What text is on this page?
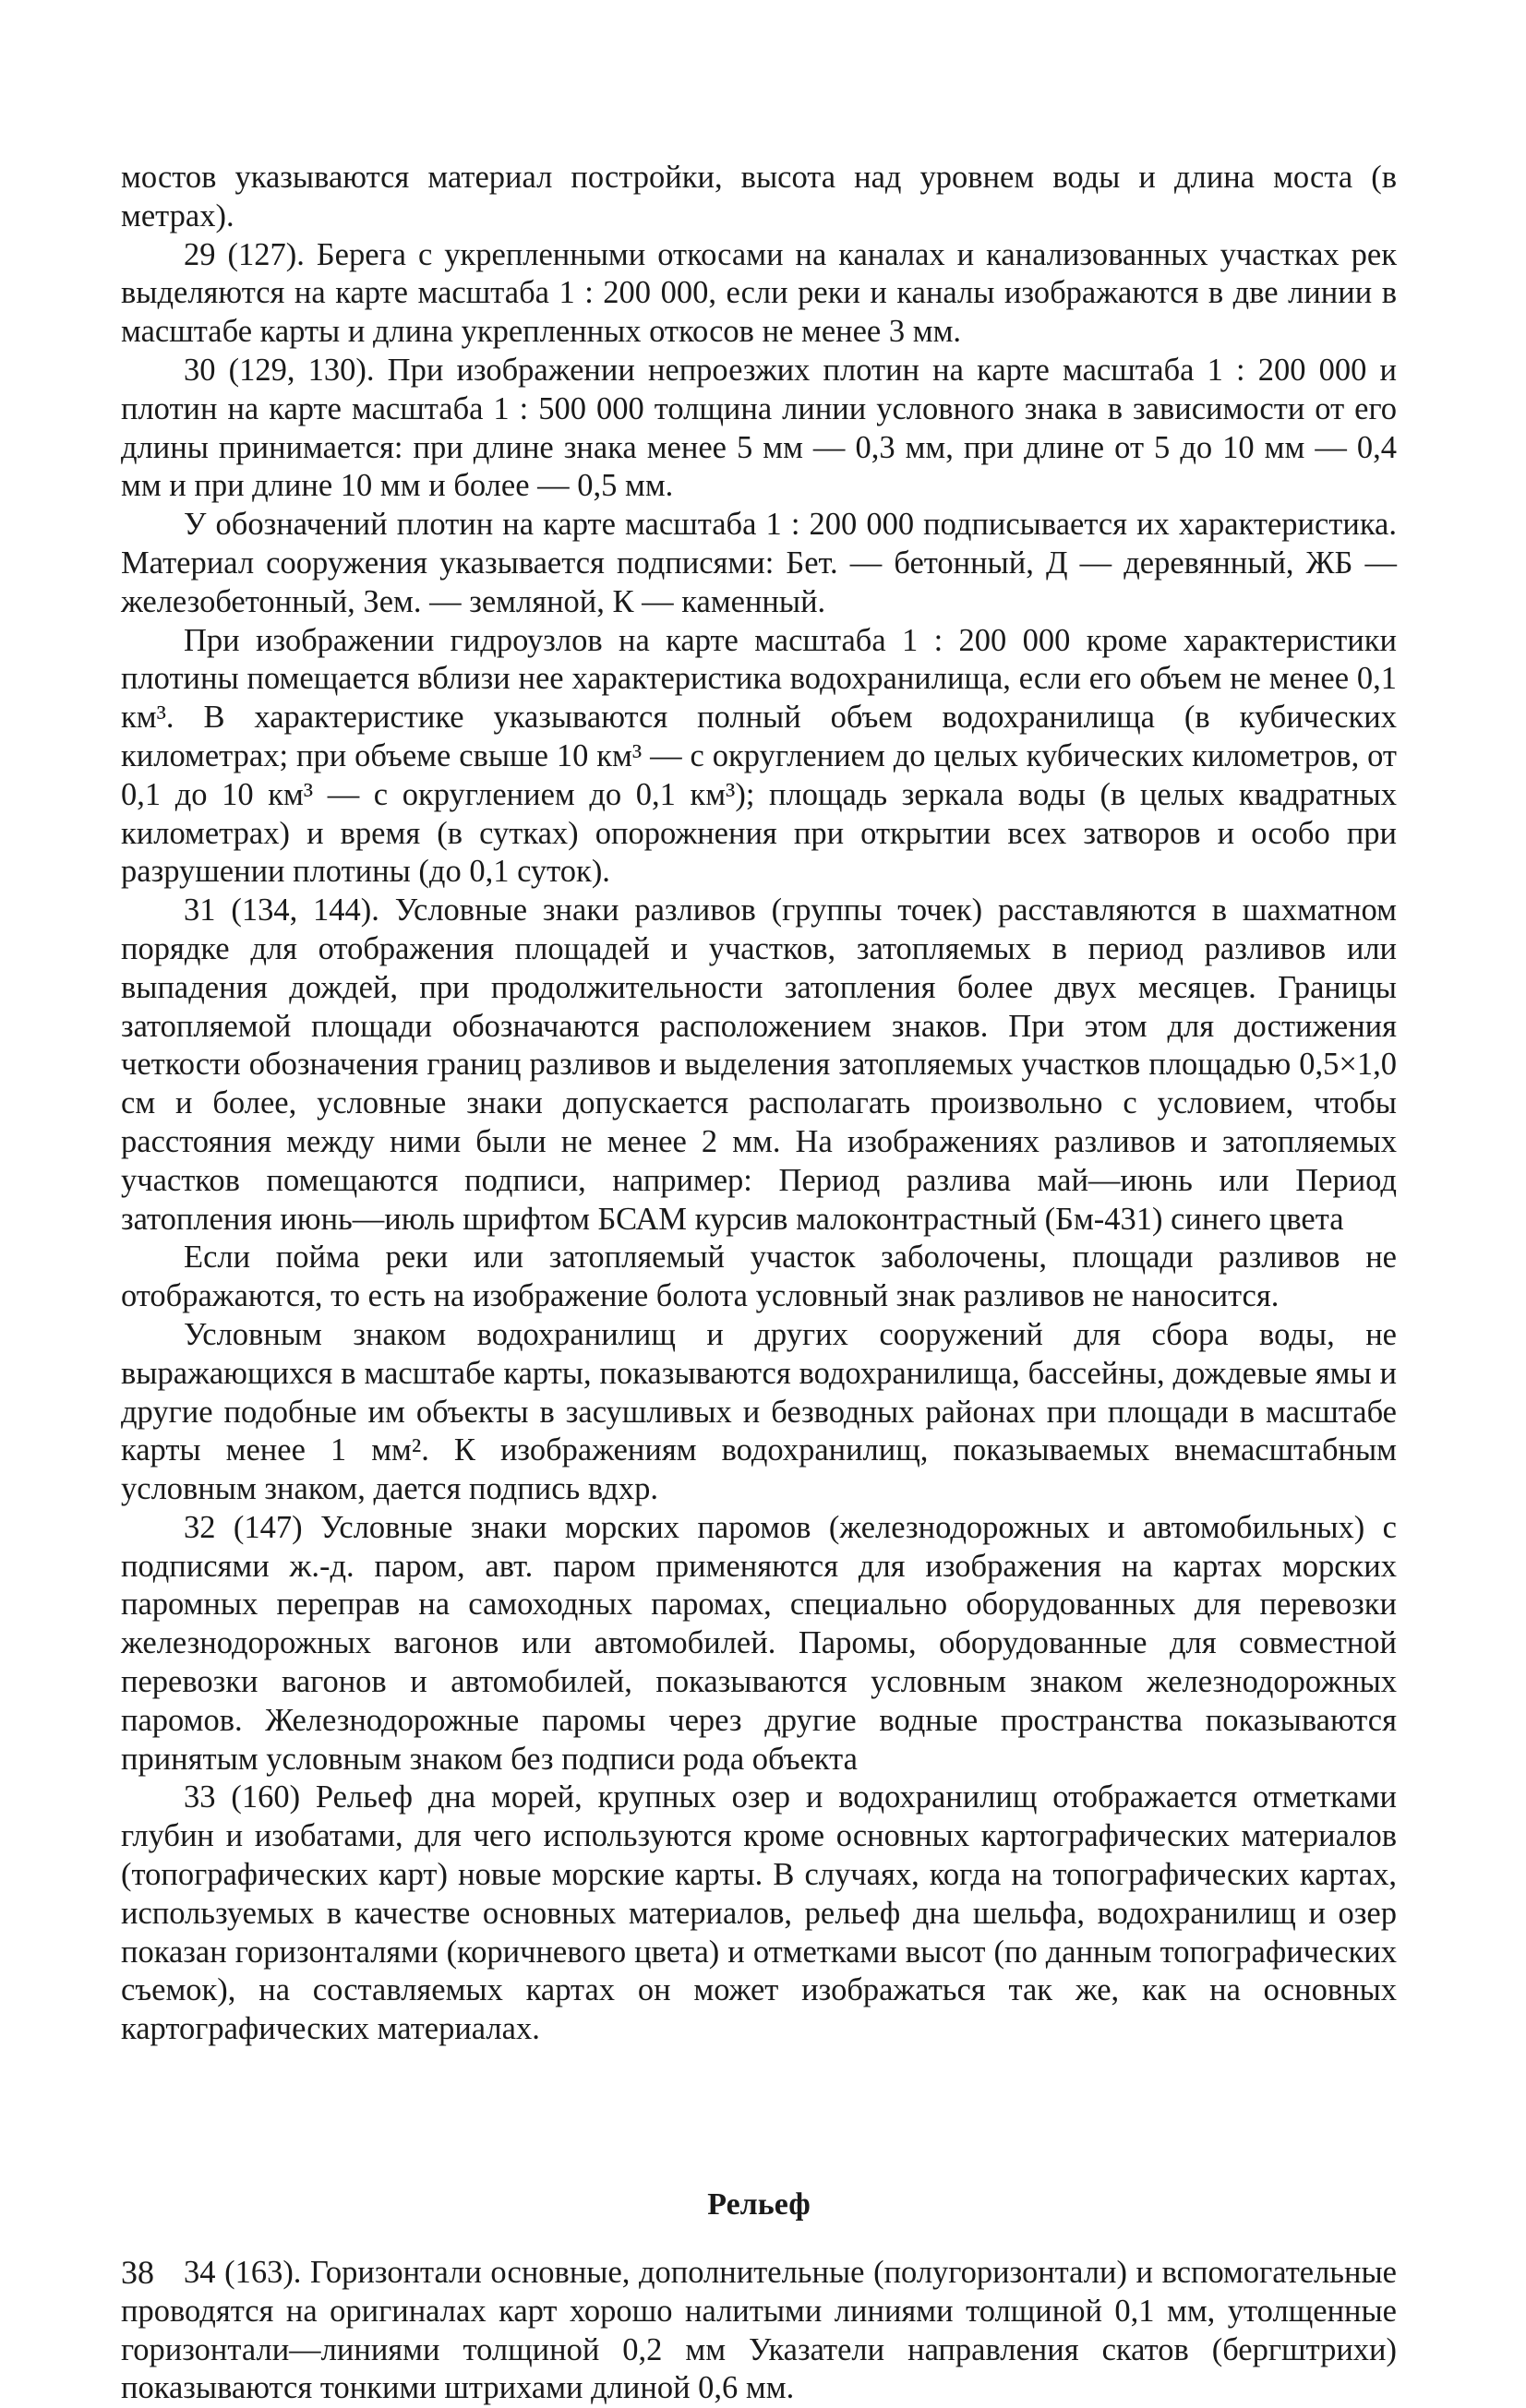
мостов указываются материал постройки, высота над уровнем воды и длина моста (в метрах).

29 (127). Берега с укрепленными откосами на каналах и канализованных участках рек выделяются на карте масштаба 1 : 200 000, если реки и каналы изображаются в две линии в масштабе карты и длина укрепленных откосов не менее 3 мм.

30 (129, 130). При изображении непроезжих плотин на карте масштаба 1 : 200 000 и плотин на карте масштаба 1 : 500 000 толщина линии условного знака в зависимости от его длины принимается: при длине знака менее 5 мм — 0,3 мм, при длине от 5 до 10 мм — 0,4 мм и при длине 10 мм и более — 0,5 мм.

У обозначений плотин на карте масштаба 1 : 200 000 подписывается их характеристика. Материал сооружения указывается подписями: Бет. — бетонный, Д — деревянный, ЖБ — железобетонный, Зем. — земляной, К — каменный.

При изображении гидроузлов на карте масштаба 1 : 200 000 кроме характеристики плотины помещается вблизи нее характеристика водохранилища, если его объем не менее 0,1 км³. В характеристике указываются полный объем водохранилища (в кубических километрах; при объеме свыше 10 км³ — с округлением до целых кубических километров, от 0,1 до 10 км³ — с округлением до 0,1 км³); площадь зеркала воды (в целых квадратных километрах) и время (в сутках) опорожнения при открытии всех затворов и особо при разрушении плотины (до 0,1 суток).

31 (134, 144). Условные знаки разливов (группы точек) расставляются в шахматном порядке для отображения площадей и участков, затопляемых в период разливов или выпадения дождей, при продолжительности затопления более двух месяцев. Границы затопляемой площади обозначаются расположением знаков. При этом для достижения четкости обозначения границ разливов и выделения затопляемых участков площадью 0,5×1,0 см и более, условные знаки допускается располагать произвольно с условием, чтобы расстояния между ними были не менее 2 мм. На изображениях разливов и затопляемых участков помещаются подписи, например: Период разлива май—июнь или Период затопления июнь—июль шрифтом БСАМ курсив малоконтрастный (Бм-431) синего цвета

Если пойма реки или затопляемый участок заболочены, площади разливов не отображаются, то есть на изображение болота условный знак разливов не наносится.

Условным знаком водохранилищ и других сооружений для сбора воды, не выражающихся в масштабе карты, показываются водохранилища, бассейны, дождевые ямы и другие подобные им объекты в засушливых и безводных районах при площади в масштабе карты менее 1 мм². К изображениям водохранилищ, показываемых внемасштабным условным знаком, дается подпись вдхр.

32 (147) Условные знаки морских паромов (железнодорожных и автомобильных) с подписями ж.-д. паром, авт. паром применяются для изображения на картах морских паромных переправ на самоходных паромах, специально оборудованных для перевозки железнодорожных вагонов или автомобилей. Паромы, оборудованные для совместной перевозки вагонов и автомобилей, показываются условным знаком железнодорожных паромов. Железнодорожные паромы через другие водные пространства показываются принятым условным знаком без подписи рода объекта

33 (160) Рельеф дна морей, крупных озер и водохранилищ отображается отметками глубин и изобатами, для чего используются кроме основных картографических материалов (топографических карт) новые морские карты. В случаях, когда на топографических картах, используемых в качестве основных материалов, рельеф дна шельфа, водохранилищ и озер показан горизонталями (коричневого цвета) и отметками высот (по данным топографических съемок), на составляемых картах он может изображаться так же, как на основных картографических материалах.

Рельеф

34 (163). Горизонтали основные, дополнительные (полугоризонтали) и вспомогательные проводятся на оригиналах карт хорошо налитыми линиями толщиной 0,1 мм, утолщенные горизонтали—линиями толщиной 0,2 мм Указатели направления скатов (бергштрихи) показываются тонкими штрихами длиной 0,6 мм.

38
